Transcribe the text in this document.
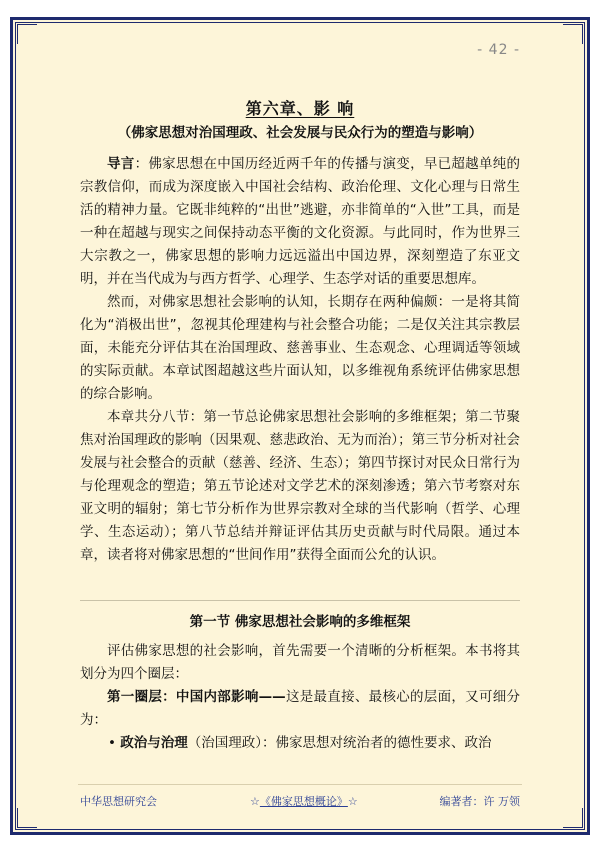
- 42 -
第六章、影 响
（佛家思想对治国理政、社会发展与民众行为的塑造与影响）

导言：佛家思想在中国历经近两千年的传播与演变，早已超越单纯的宗教信仰，而成为深度嵌入中国社会结构、政治伦理、文化心理与日常生活的精神力量。它既非纯粹的“出世”逃避，亦非简单的“入世”工具，而是一种在超越与现实之间保持动态平衡的文化资源。与此同时，作为世界三大宗教之一，佛家思想的影响力远远溢出中国边界，深刻塑造了东亚文明，并在当代成为与西方哲学、心理学、生态学对话的重要思想库。

然而，对佛家思想社会影响的认知，长期存在两种偏颇：一是将其简化为“消极出世”，忽视其伦理建构与社会整合功能；二是仅关注其宗教层面，未能充分评估其在治国理政、慈善事业、生态观念、心理调适等领域的实际贡献。本章试图超越这些片面认知，以多维视角系统评估佛家思想的综合影响。

本章共分八节：第一节总论佛家思想社会影响的多维框架；第二节聚焦对治国理政的影响（因果观、慈悲政治、无为而治）；第三节分析对社会发展与社会整合的贡献（慈善、经济、生态）；第四节探讨对民众日常行为与伦理观念的塑造；第五节论述对文学艺术的深刻渗透；第六节考察对东亚文明的辐射；第七节分析作为世界宗教对全球的当代影响（哲学、心理学、生态运动）；第八节总结并辩证评估其历史贡献与时代局限。通过本章，读者将对佛家思想的“世间作用”获得全面而公允的认识。

第一节 佛家思想社会影响的多维框架

评估佛家思想的社会影响，首先需要一个清晰的分析框架。本书将其划分为四个圈层：

第一圈层：中国内部影响——这是最直接、最核心的层面，又可细分为：

• 政治与治理（治国理政）：佛家思想对统治者的德性要求、政治

中华思想研究会	☆《佛家思想概论》☆	编著者：许 万领
